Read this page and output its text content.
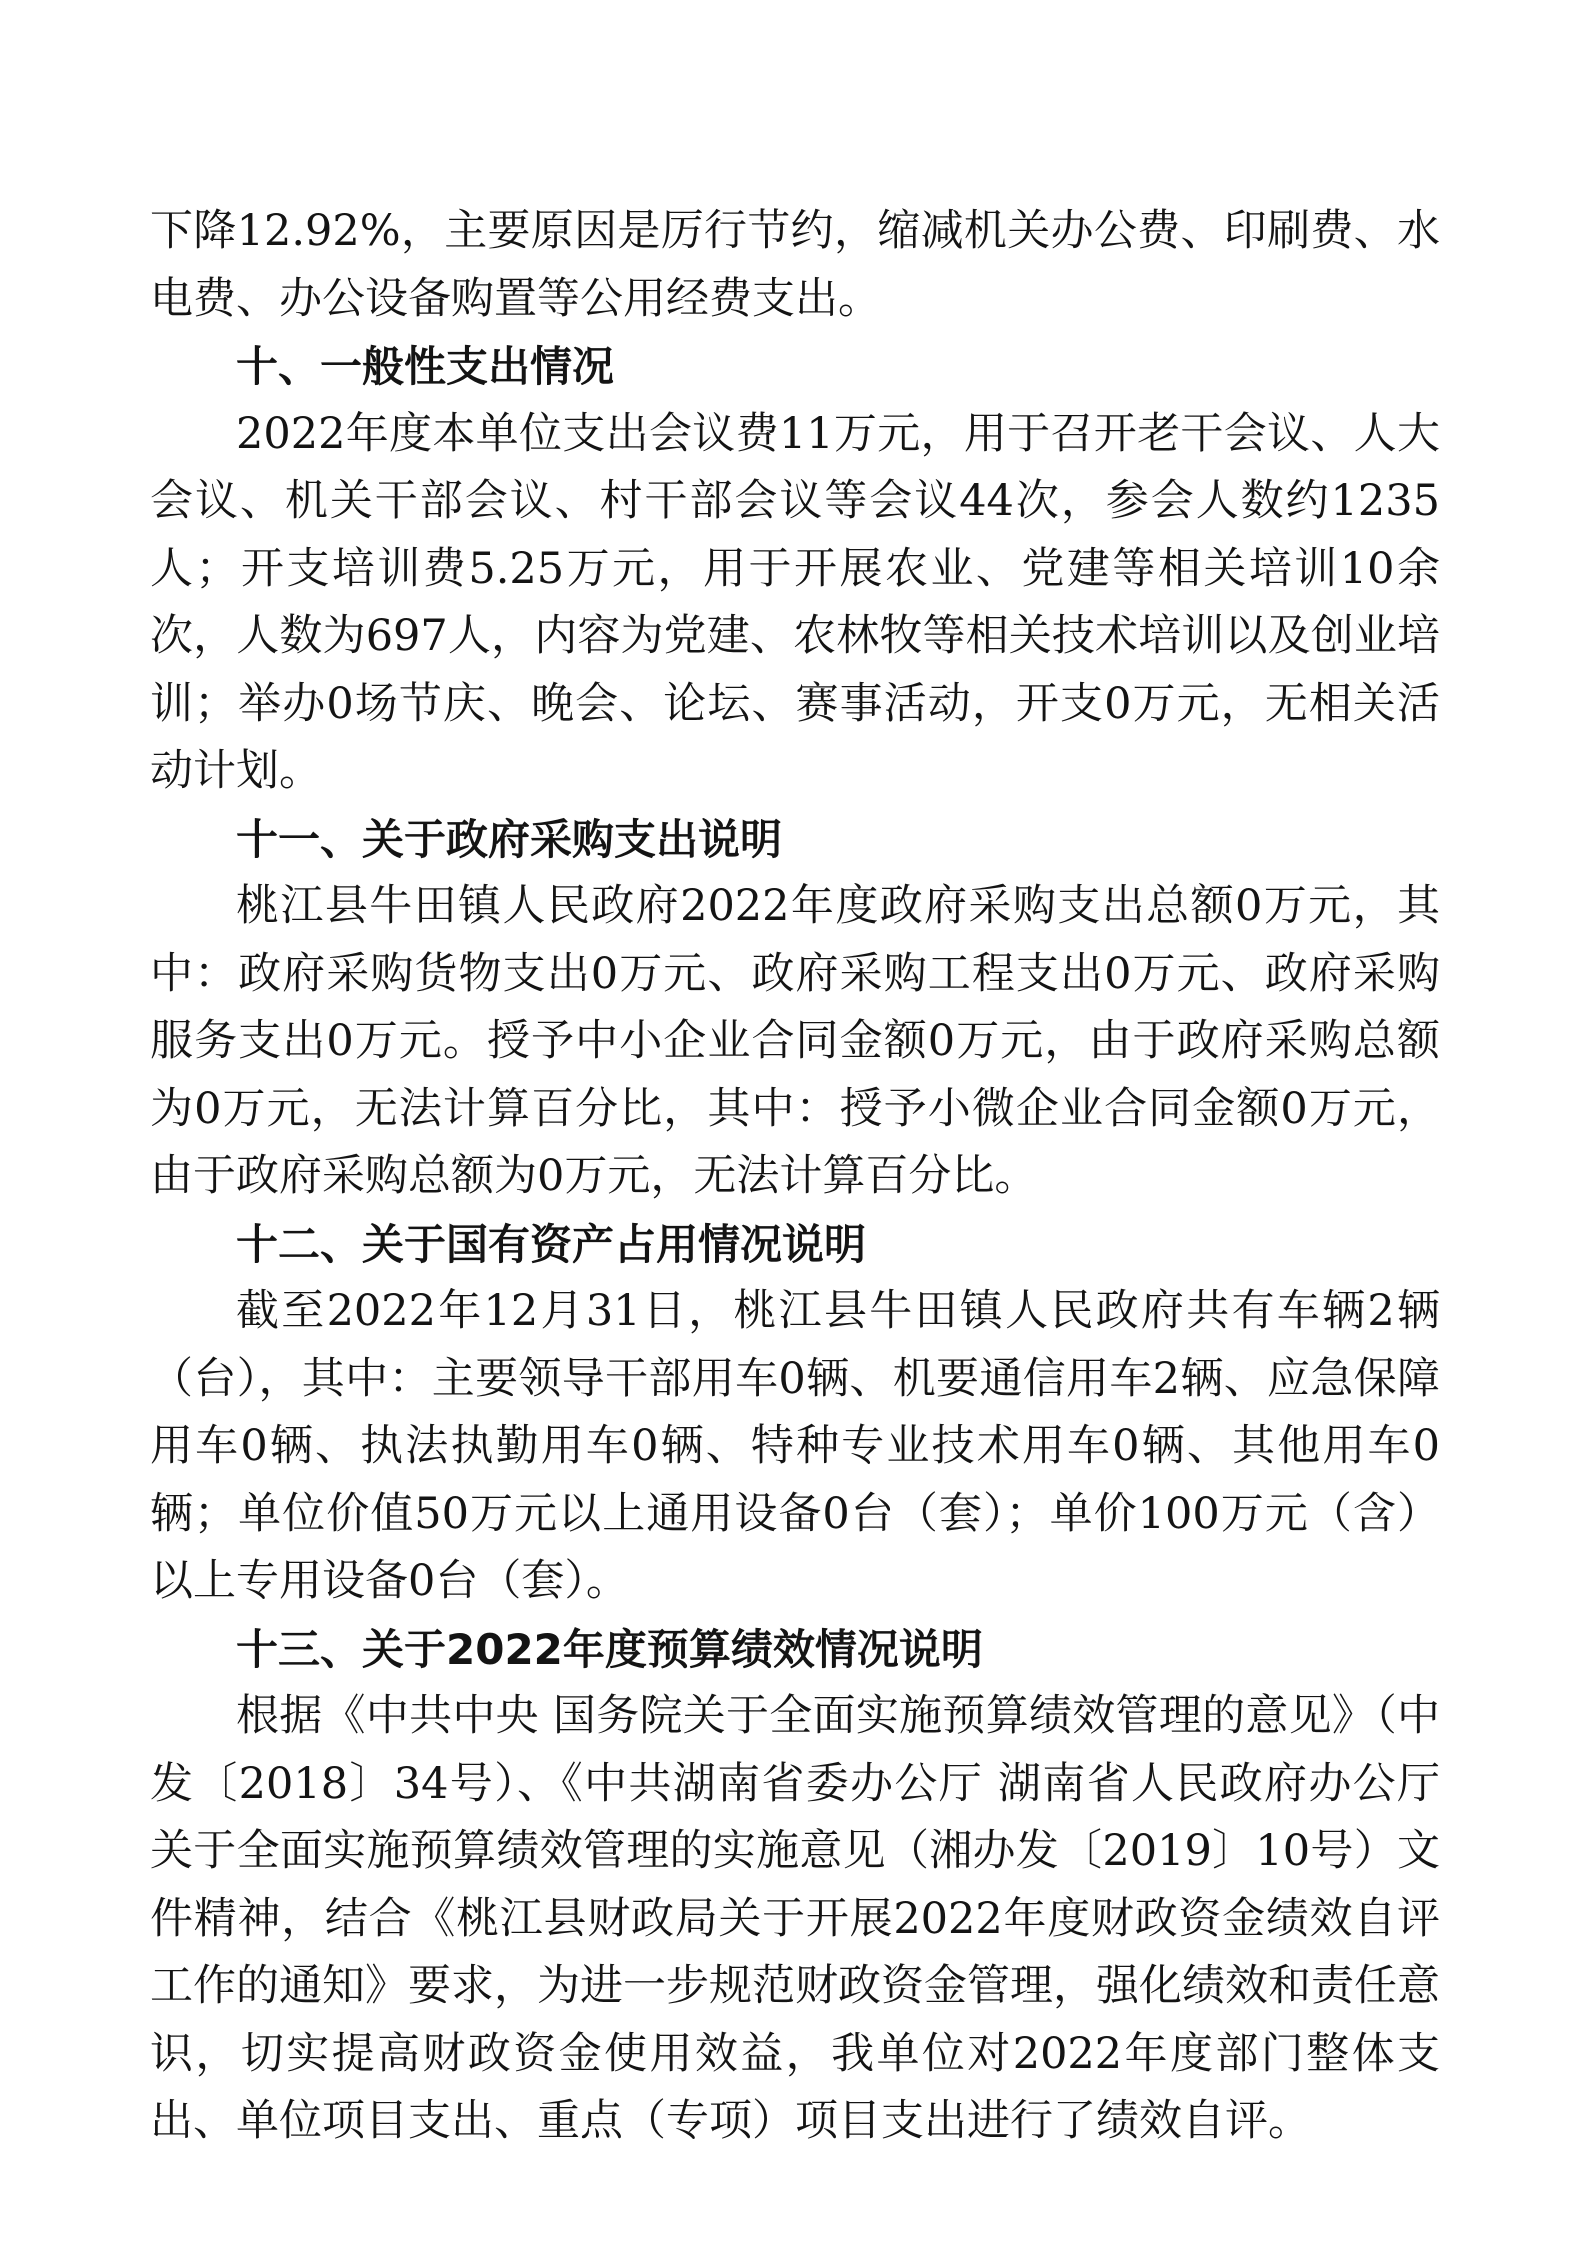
下降12.92%，主要原因是厉行节约，缩减机关办公费、印刷费、水电费、办公设备购置等公用经费支出。

十、一般性支出情况

2022年度本单位支出会议费11万元，用于召开老干会议、人大会议、机关干部会议、村干部会议等会议44次，参会人数约1235人；开支培训费5.25万元，用于开展农业、党建等相关培训10余次，人数为697人，内容为党建、农林牧等相关技术培训以及创业培训；举办0场节庆、晚会、论坛、赛事活动，开支0万元，无相关活动计划。

十一、关于政府采购支出说明

桃江县牛田镇人民政府2022年度政府采购支出总额0万元，其中：政府采购货物支出0万元、政府采购工程支出0万元、政府采购服务支出0万元。授予中小企业合同金额0万元，由于政府采购总额为0万元，无法计算百分比，其中：授予小微企业合同金额0万元，由于政府采购总额为0万元，无法计算百分比。

十二、关于国有资产占用情况说明

截至2022年12月31日，桃江县牛田镇人民政府共有车辆2辆（台），其中：主要领导干部用车0辆、机要通信用车2辆、应急保障用车0辆、执法执勤用车0辆、特种专业技术用车0辆、其他用车0辆；单位价值50万元以上通用设备0台（套）；单价100万元（含）以上专用设备0台（套）。

十三、关于2022年度预算绩效情况说明

根据《中共中央 国务院关于全面实施预算绩效管理的意见》（中发〔2018〕34号）、《中共湖南省委办公厅 湖南省人民政府办公厅关于全面实施预算绩效管理的实施意见（湘办发〔2019〕10号）文件精神，结合《桃江县财政局关于开展2022年度财政资金绩效自评工作的通知》要求，为进一步规范财政资金管理，强化绩效和责任意识，切实提高财政资金使用效益，我单位对2022年度部门整体支出、单位项目支出、重点（专项）项目支出进行了绩效自评。
